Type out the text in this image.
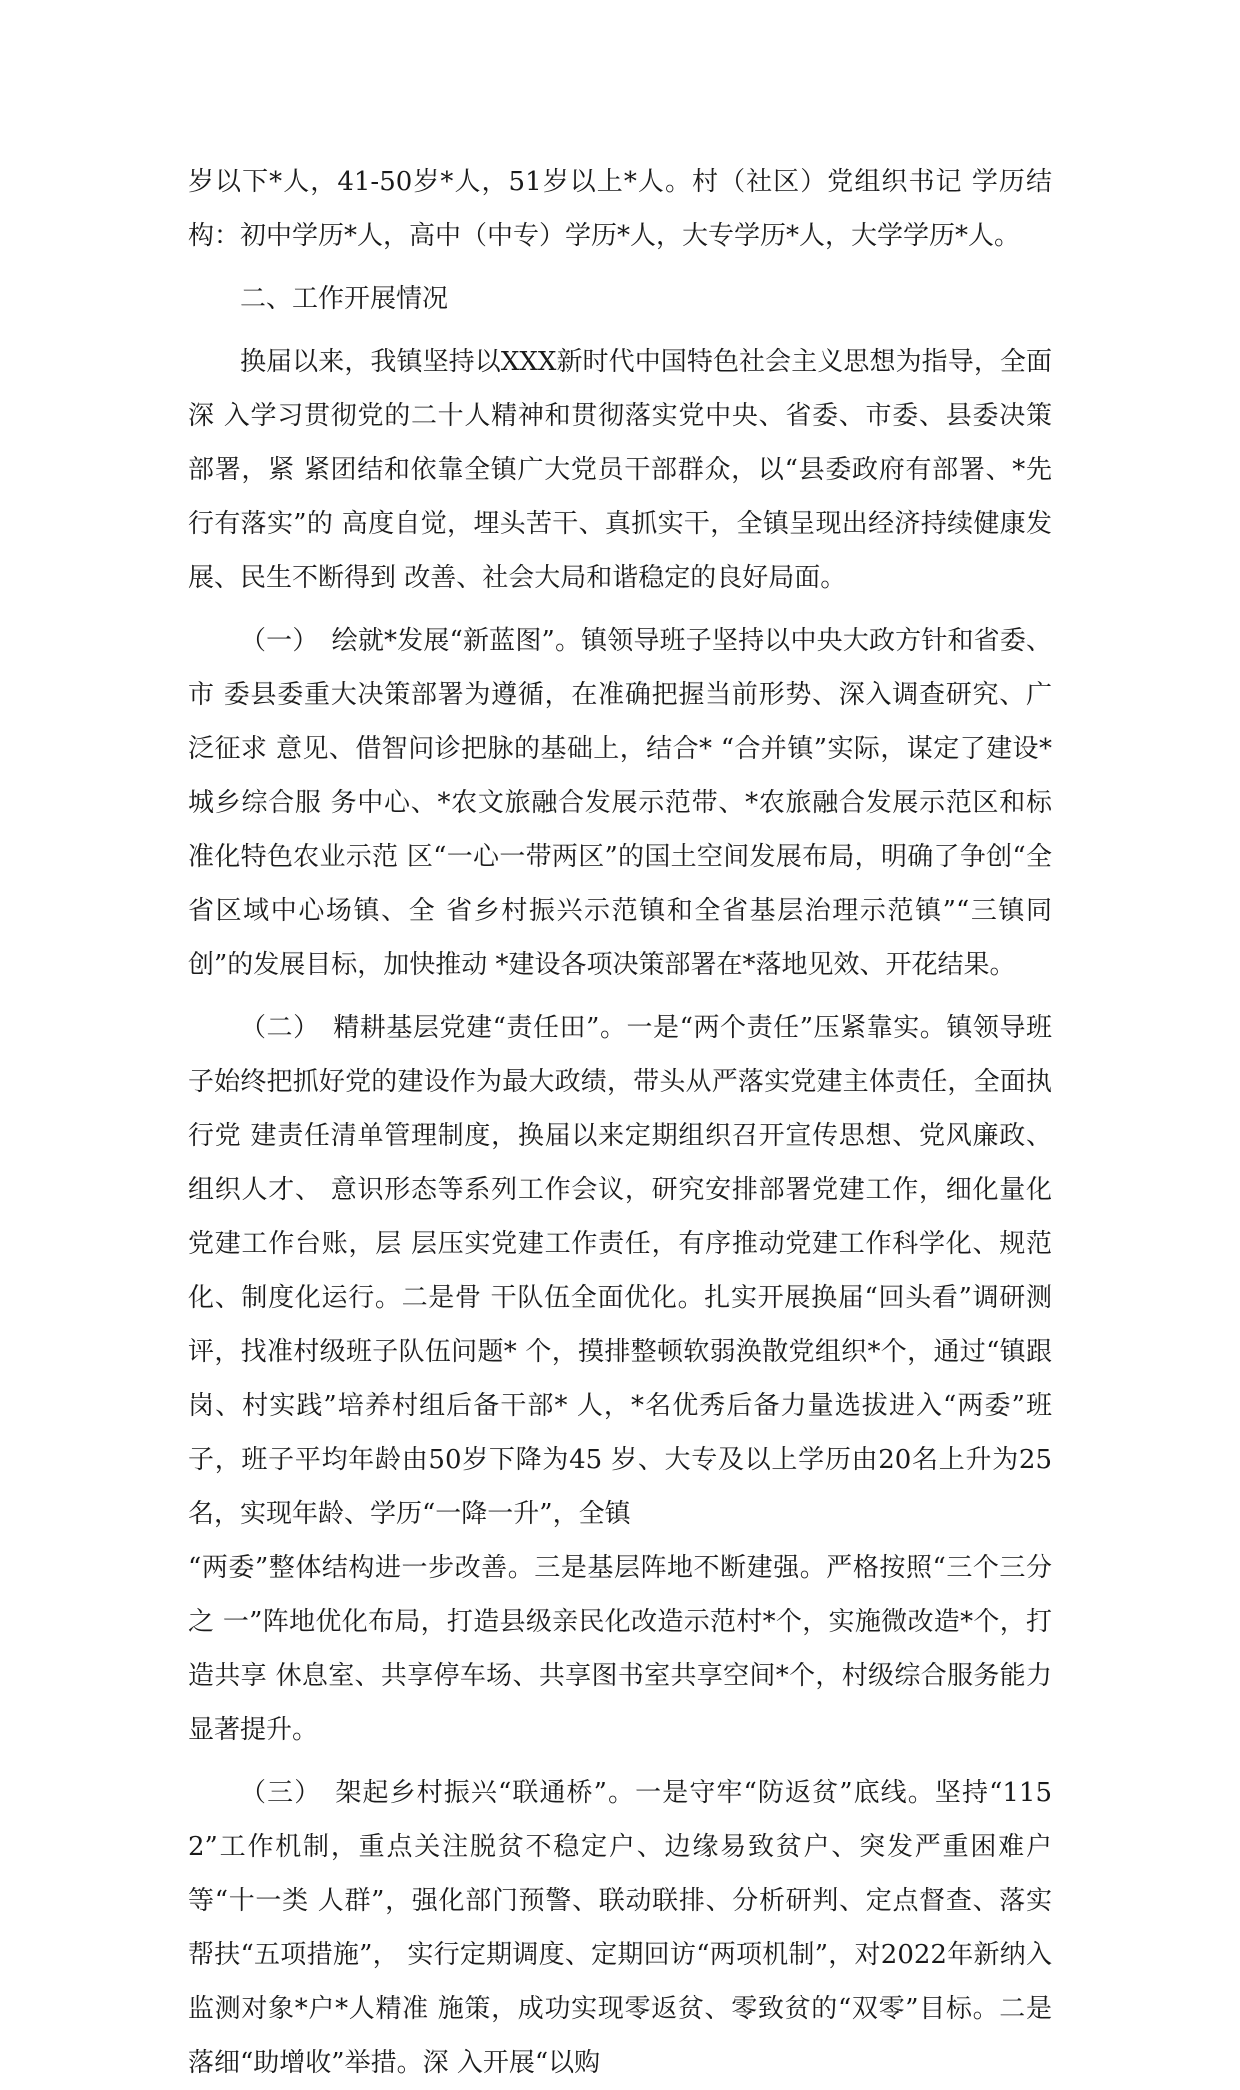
岁以下*人，41-50岁*人，51岁以上*人。村（社区）党组织书记 学历结构：初中学历*人，高中（中专）学历*人，大专学历*人，大学学历*人。

二、工作开展情况

换届以来，我镇坚持以XXX新时代中国特色社会主义思想为指导，全面深 入学习贯彻党的二十人精神和贯彻落实党中央、省委、市委、县委决策部署，紧 紧团结和依靠全镇广大党员干部群众，以“县委政府有部署、*先行有落实”的 高度自觉，埋头苦干、真抓实干，全镇呈现出经济持续健康发展、民生不断得到 改善、社会大局和谐稳定的良好局面。

（一）　绘就*发展“新蓝图”。镇领导班子坚持以中央大政方针和省委、市 委县委重大决策部署为遵循，在准确把握当前形势、深入调查研究、广泛征求 意见、借智问诊把脉的基础上，结合* “合并镇”实际，谋定了建设*城乡综合服 务中心、*农文旅融合发展示范带、*农旅融合发展示范区和标准化特色农业示范 区“一心一带两区”的国土空间发展布局，明确了争创“全省区域中心场镇、全 省乡村振兴示范镇和全省基层治理示范镇”“三镇同创”的发展目标，加快推动 *建设各项决策部署在*落地见效、开花结果。

（二）　精耕基层党建“责任田”。一是“两个责任”压紧靠实。镇领导班 子始终把抓好党的建设作为最大政绩，带头从严落实党建主体责任，全面执行党 建责任清单管理制度，换届以来定期组织召开宣传思想、党风廉政、组织人才、 意识形态等系列工作会议，研究安排部署党建工作，细化量化党建工作台账，层 层压实党建工作责任，有序推动党建工作科学化、规范化、制度化运行。二是骨 干队伍全面优化。扎实开展换届“回头看”调研测评，找准村级班子队伍问题* 个，摸排整顿软弱涣散党组织*个，通过“镇跟岗、村实践”培养村组后备干部* 人，*名优秀后备力量选拔进入“两委”班子，班子平均年龄由50岁下降为45 岁、大专及以上学历由20名上升为25名，实现年龄、学历“一降一升”，全镇

“两委”整体结构进一步改善。三是基层阵地不断建强。严格按照“三个三分之 一”阵地优化布局，打造县级亲民化改造示范村*个，实施微改造*个，打造共享 休息室、共享停车场、共享图书室共享空间*个，村级综合服务能力显著提升。

（三）　架起乡村振兴“联通桥”。一是守牢“防返贫”底线。坚持“1152”工作机制，重点关注脱贫不稳定户、边缘易致贫户、突发严重困难户等“十一类 人群”，强化部门预警、联动联排、分析研判、定点督查、落实帮扶“五项措施”， 实行定期调度、定期回访“两项机制”，对2022年新纳入监测对象*户*人精准 施策，成功实现零返贫、零致贫的“双零”目标。二是落细“助增收”举措。深 入开展“以购
